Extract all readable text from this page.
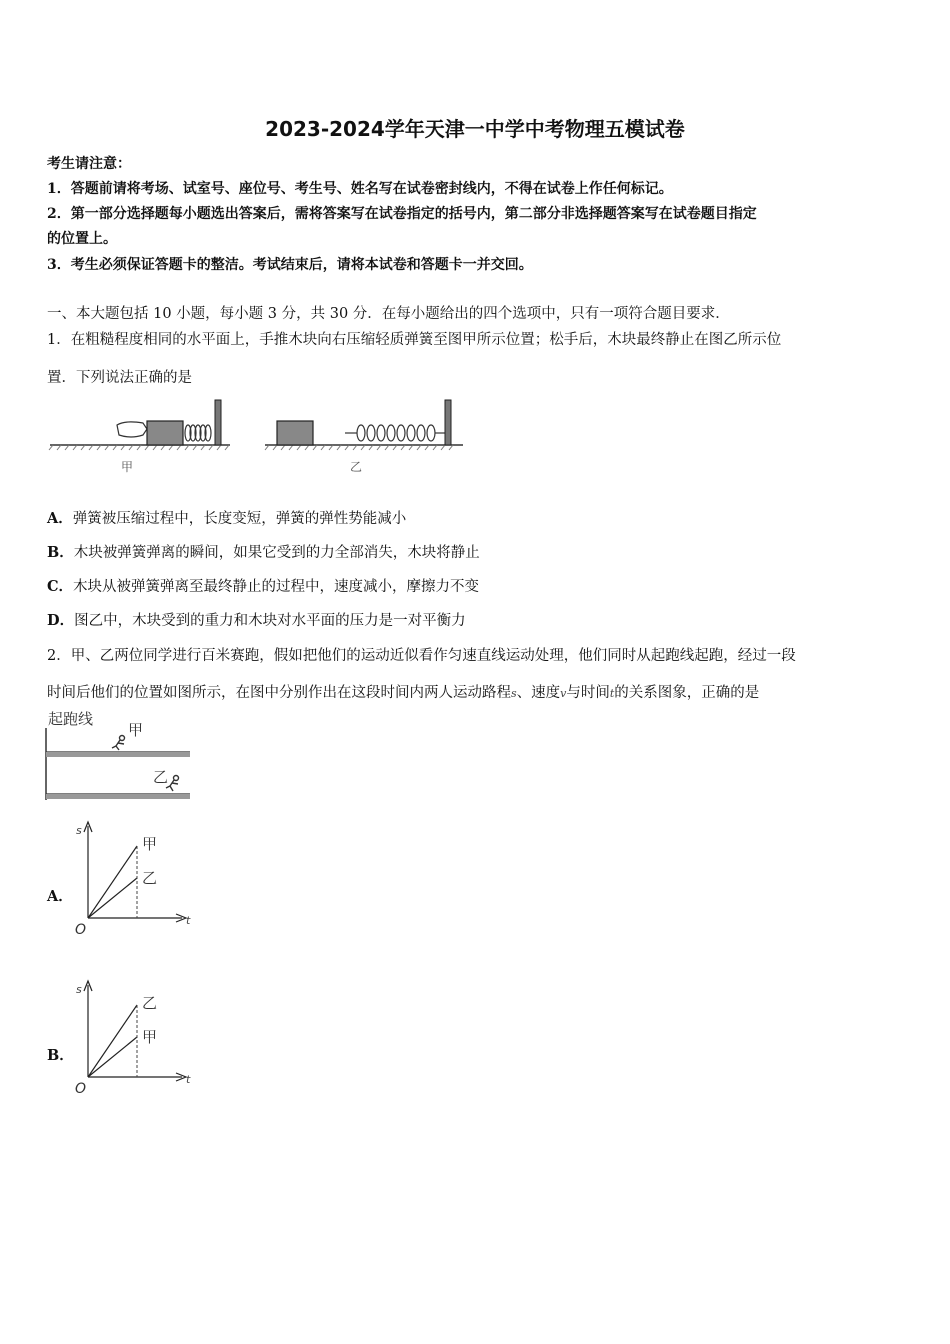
2023-2024学年天津一中学中考物理五模试卷
考生请注意：
1．答题前请将考场、试室号、座位号、考生号、姓名写在试卷密封线内，不得在试卷上作任何标记。
2．第一部分选择题每小题选出答案后，需将答案写在试卷指定的括号内，第二部分非选择题答案写在试卷题目指定
的位置上。
3．考生必须保证答题卡的整洁。考试结束后，请将本试卷和答题卡一并交回。
一、本大题包括 10 小题，每小题 3 分，共 30 分．在每小题给出的四个选项中，只有一项符合题目要求．
1．在粗糙程度相同的水平面上，手推木块向右压缩轻质弹簧至图甲所示位置；松手后，木块最终静止在图乙所示位
置．下列说法正确的是
甲	乙
A．弹簧被压缩过程中，长度变短，弹簧的弹性势能减小
B．木块被弹簧弹离的瞬间，如果它受到的力全部消失，木块将静止
C．木块从被弹簧弹离至最终静止的过程中，速度减小，摩擦力不变
D．图乙中，木块受到的重力和木块对水平面的压力是一对平衡力
2．甲、乙两位同学进行百米赛跑，假如把他们的运动近似看作匀速直线运动处理，他们同时从起跑线起跑，经过一段
时间后他们的位置如图所示，在图中分别作出在这段时间内两人运动路程s、速度v与时间t的关系图象，正确的是
起跑线
甲
乙
A．
s
t
O
甲
乙
B．
s
t
O
乙
甲
